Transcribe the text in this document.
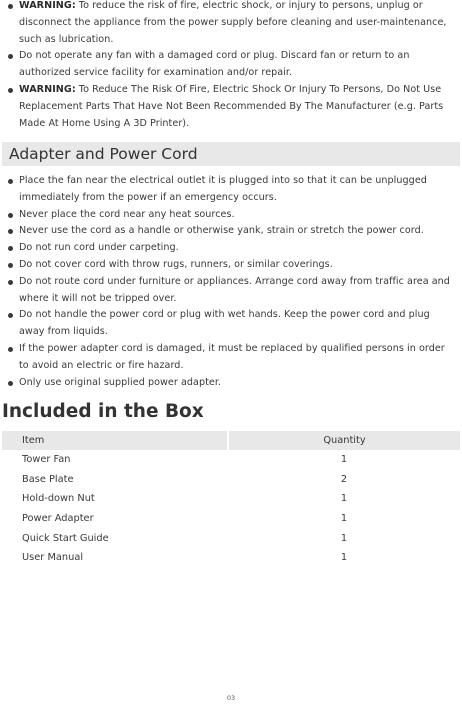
WARNING: To reduce the risk of fire, electric shock, or injury to persons, unplug or disconnect the appliance from the power supply before cleaning and user-maintenance, such as lubrication.
Do not operate any fan with a damaged cord or plug. Discard fan or return to an authorized service facility for examination and/or repair.
WARNING: To Reduce The Risk Of Fire, Electric Shock Or Injury To Persons, Do Not Use Replacement Parts That Have Not Been Recommended By The Manufacturer (e.g. Parts Made At Home Using A 3D Printer).
Adapter and Power Cord
Place the fan near the electrical outlet it is plugged into so that it can be unplugged immediately from the power if an emergency occurs.
Never place the cord near any heat sources.
Never use the cord as a handle or otherwise yank, strain or stretch the power cord.
Do not run cord under carpeting.
Do not cover cord with throw rugs, runners, or similar coverings.
Do not route cord under furniture or appliances. Arrange cord away from traffic area and where it will not be tripped over.
Do not handle the power cord or plug with wet hands. Keep the power cord and plug away from liquids.
If the power adapter cord is damaged, it must be replaced by qualified persons in order to avoid an electric or fire hazard.
Only use original supplied power adapter.
Included in the Box
Item	Quantity
Tower Fan	1
Base Plate	2
Hold-down Nut	1
Power Adapter	1
Quick Start Guide	1
User Manual	1
03
